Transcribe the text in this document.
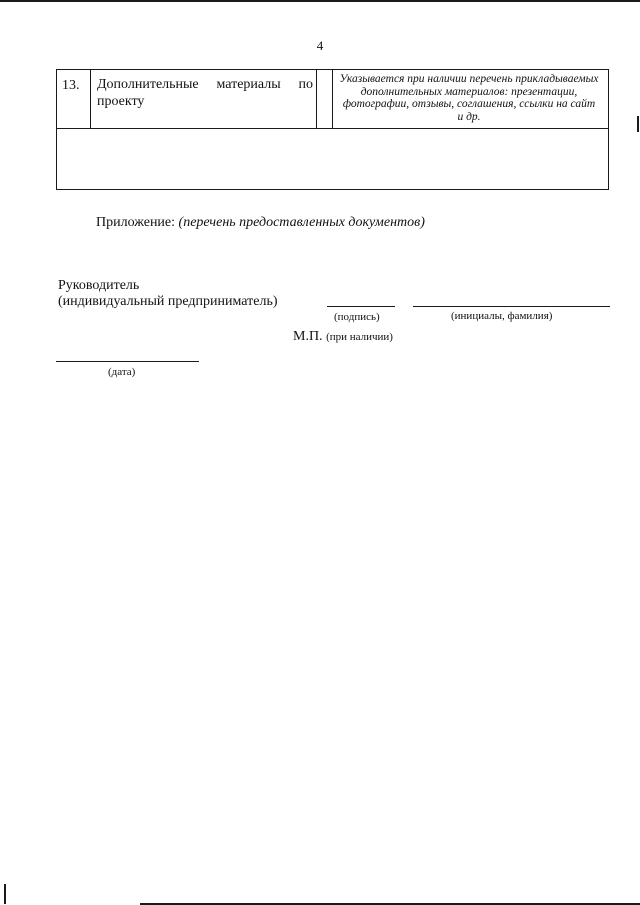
4
13. Дополнительные материалы по проекту
Указывается при наличии перечень прикладываемых дополнительных материалов: презентации, фотографии, отзывы, соглашения, ссылки на сайт и др.
Приложение: (перечень предоставленных документов)
Руководитель
(индивидуальный предприниматель)
(подпись)	(инициалы, фамилия)
М.П. (при наличии)
(дата)
